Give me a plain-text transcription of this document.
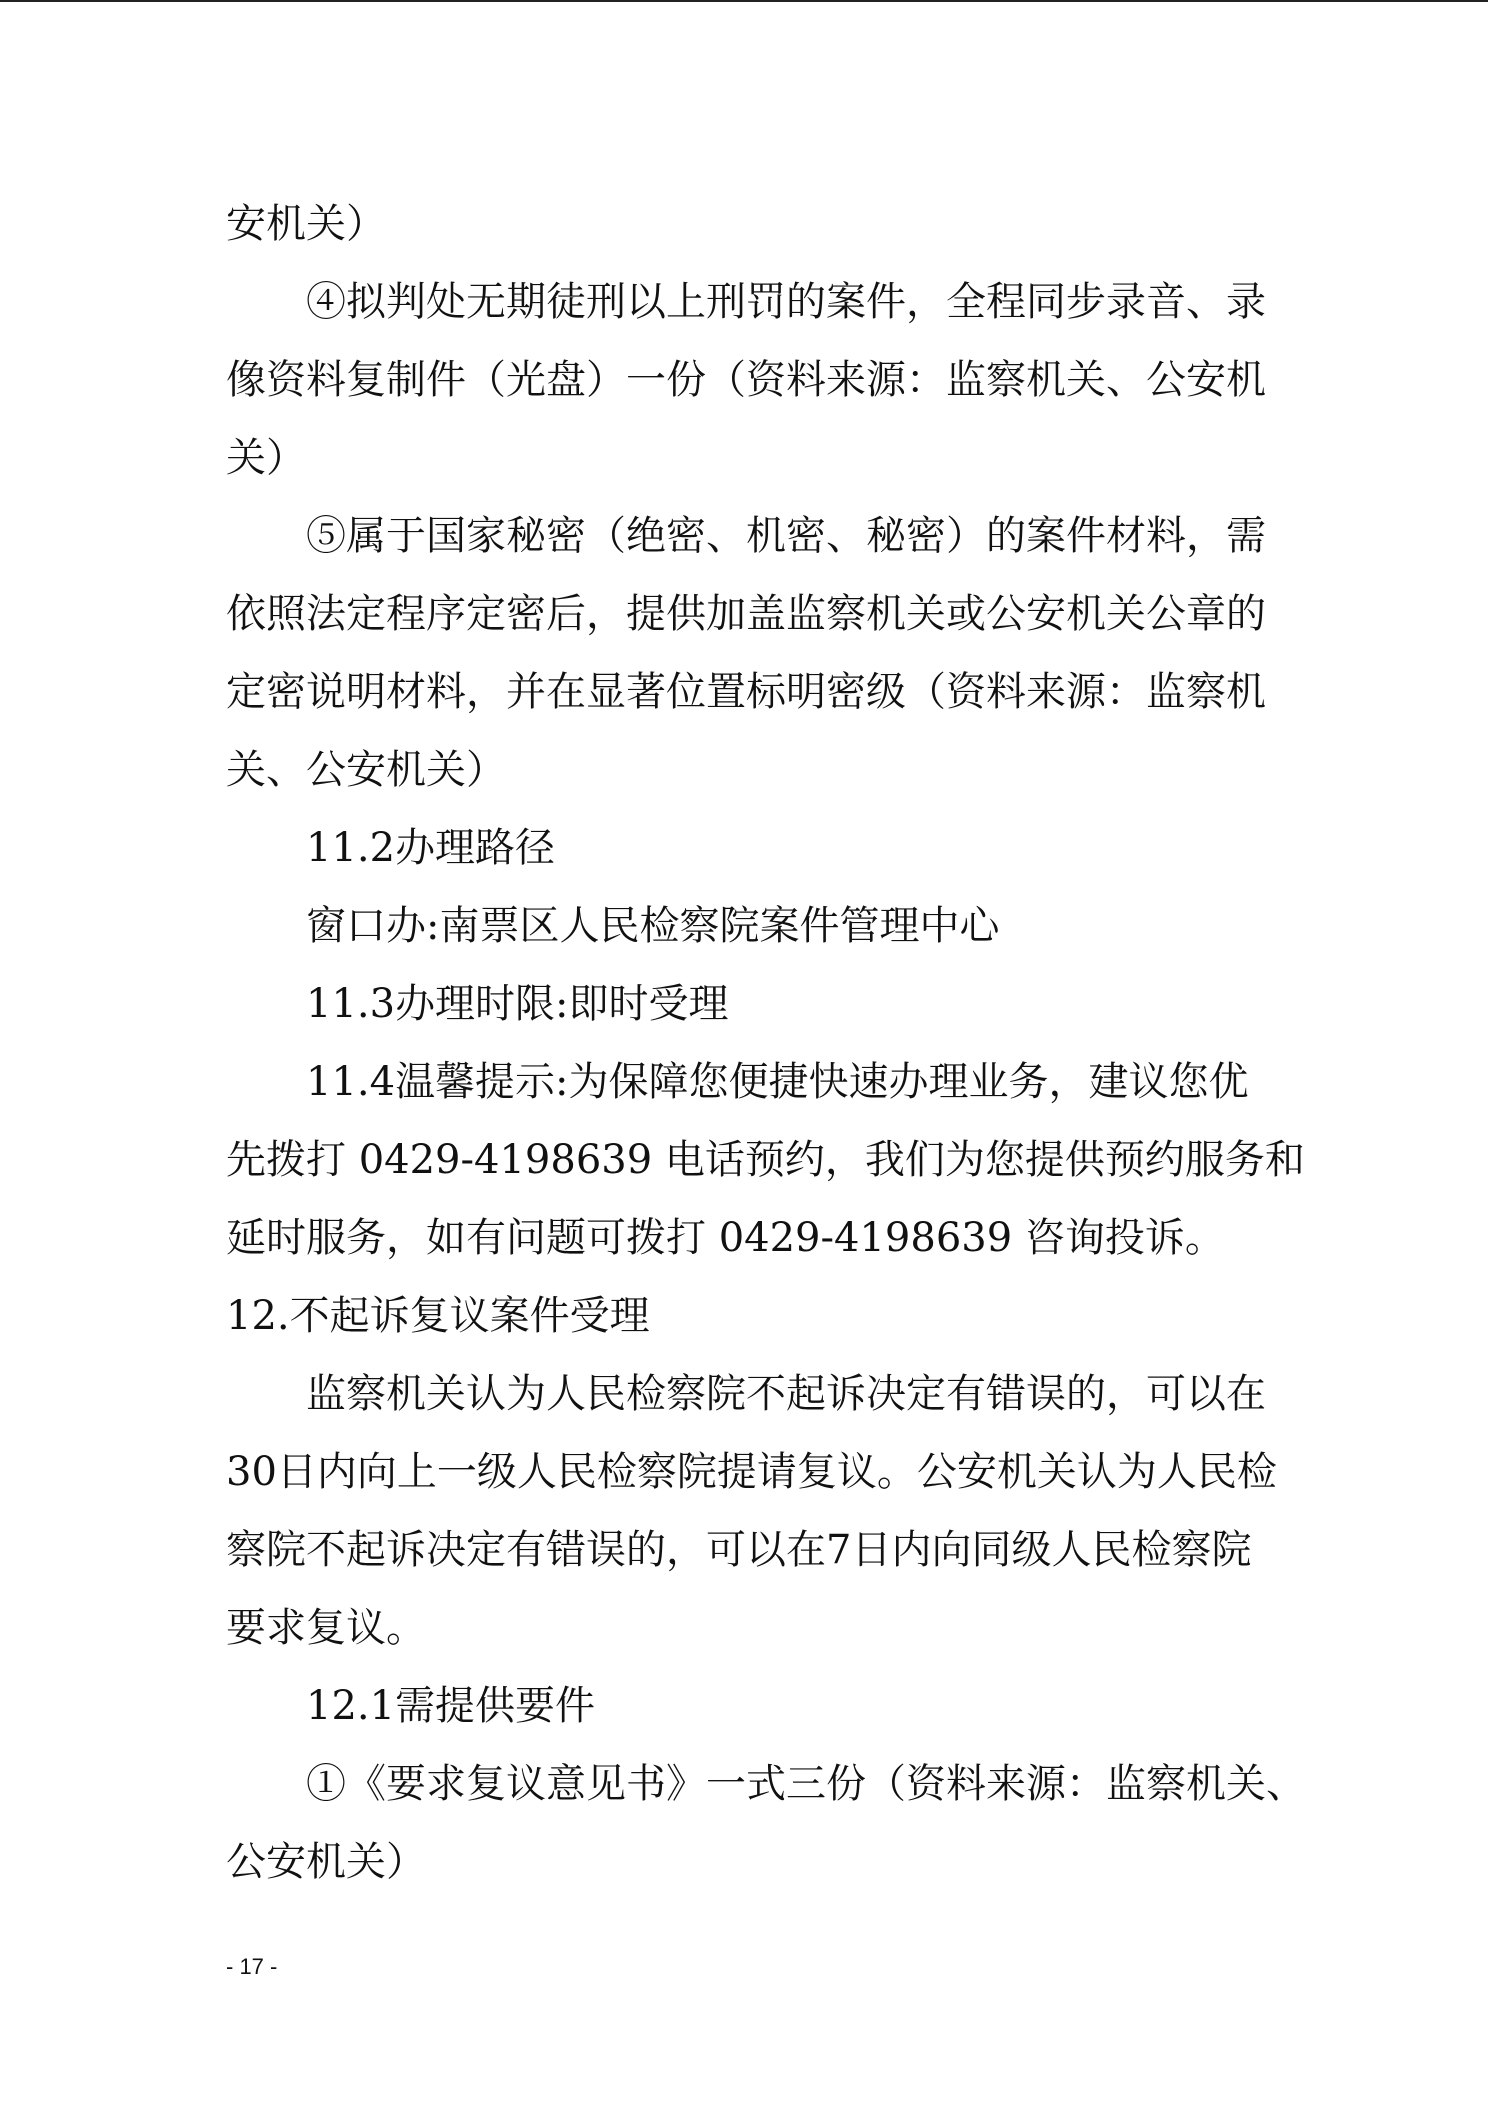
安机关）
④拟判处无期徒刑以上刑罚的案件，全程同步录音、录
像资料复制件（光盘）一份（资料来源：监察机关、公安机
关）
⑤属于国家秘密（绝密、机密、秘密）的案件材料，需
依照法定程序定密后，提供加盖监察机关或公安机关公章的
定密说明材料，并在显著位置标明密级（资料来源：监察机
关、公安机关）
11.2办理路径
窗口办:南票区人民检察院案件管理中心
11.3办理时限:即时受理
11.4温馨提示:为保障您便捷快速办理业务，建议您优
先拨打 0429-4198639 电话预约，我们为您提供预约服务和
延时服务，如有问题可拨打 0429-4198639 咨询投诉。
12.不起诉复议案件受理
监察机关认为人民检察院不起诉决定有错误的，可以在
30日内向上一级人民检察院提请复议。公安机关认为人民检
察院不起诉决定有错误的，可以在7日内向同级人民检察院
要求复议。
12.1需提供要件
①《要求复议意见书》一式三份（资料来源：监察机关、
公安机关）
- 17 -
